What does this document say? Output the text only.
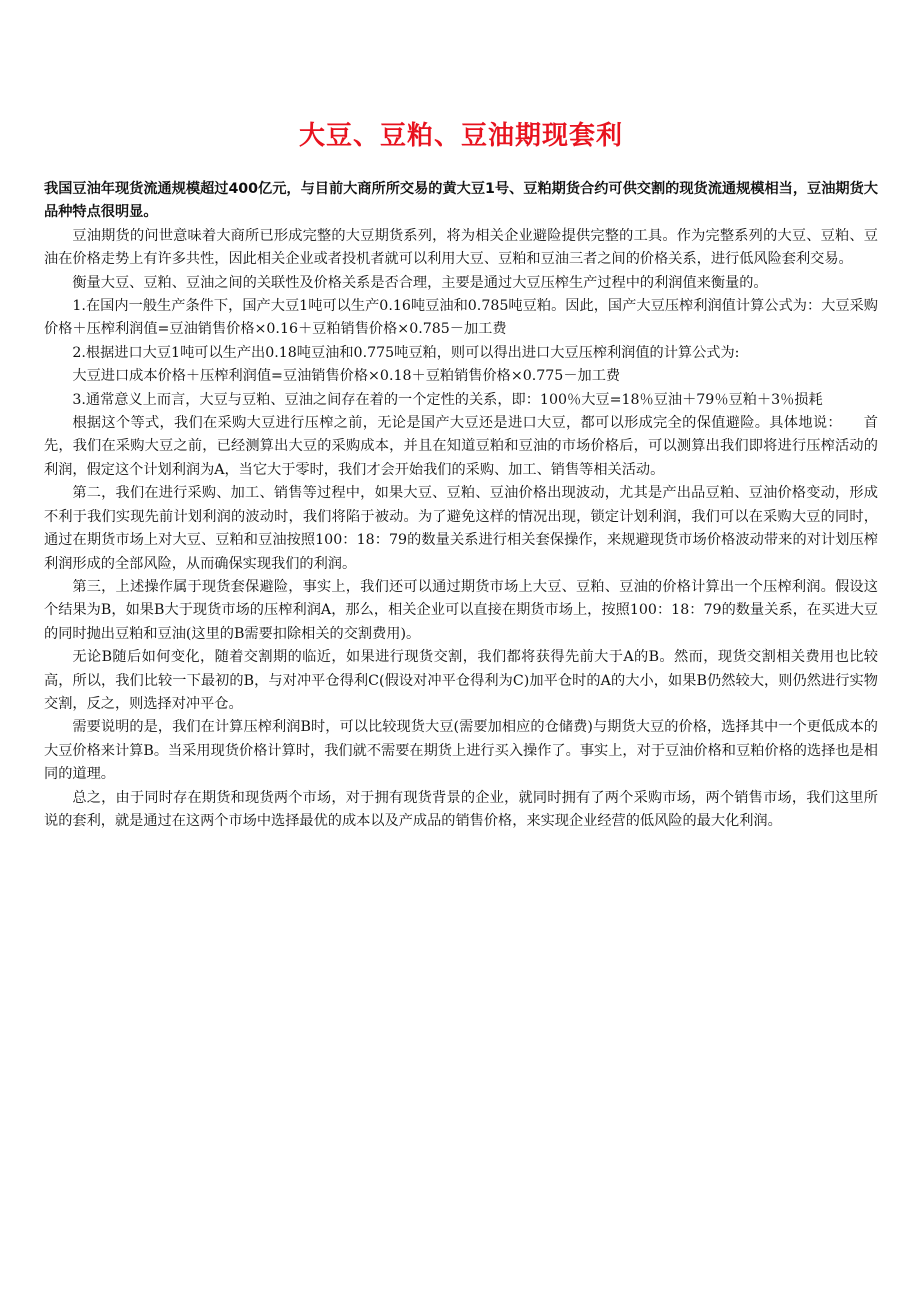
大豆、豆粕、豆油期现套利

我国豆油年现货流通规模超过400亿元，与目前大商所所交易的黄大豆1号、豆粕期货合约可供交割的现货流通规模相当，豆油期货大品种特点很明显。

豆油期货的问世意味着大商所已形成完整的大豆期货系列，将为相关企业避险提供完整的工具。作为完整系列的大豆、豆粕、豆油在价格走势上有许多共性，因此相关企业或者投机者就可以利用大豆、豆粕和豆油三者之间的价格关系，进行低风险套利交易。

衡量大豆、豆粕、豆油之间的关联性及价格关系是否合理，主要是通过大豆压榨生产过程中的利润值来衡量的。

1.在国内一般生产条件下，国产大豆1吨可以生产0.16吨豆油和0.785吨豆粕。因此，国产大豆压榨利润值计算公式为：大豆采购价格＋压榨利润值=豆油销售价格×0.16＋豆粕销售价格×0.785－加工费

2.根据进口大豆1吨可以生产出0.18吨豆油和0.775吨豆粕，则可以得出进口大豆压榨利润值的计算公式为:

大豆进口成本价格＋压榨利润值=豆油销售价格×0.18＋豆粕销售价格×0.775－加工费

3.通常意义上而言，大豆与豆粕、豆油之间存在着的一个定性的关系，即：100％大豆=18％豆油＋79％豆粕＋3％损耗

根据这个等式，我们在采购大豆进行压榨之前，无论是国产大豆还是进口大豆，都可以形成完全的保值避险。具体地说：　　首先，我们在采购大豆之前，已经测算出大豆的采购成本，并且在知道豆粕和豆油的市场价格后，可以测算出我们即将进行压榨活动的利润，假定这个计划利润为A，当它大于零时，我们才会开始我们的采购、加工、销售等相关活动。

第二，我们在进行采购、加工、销售等过程中，如果大豆、豆粕、豆油价格出现波动，尤其是产出品豆粕、豆油价格变动，形成不利于我们实现先前计划利润的波动时，我们将陷于被动。为了避免这样的情况出现，锁定计划利润，我们可以在采购大豆的同时，通过在期货市场上对大豆、豆粕和豆油按照100：18：79的数量关系进行相关套保操作，来规避现货市场价格波动带来的对计划压榨利润形成的全部风险，从而确保实现我们的利润。

第三，上述操作属于现货套保避险，事实上，我们还可以通过期货市场上大豆、豆粕、豆油的价格计算出一个压榨利润。假设这个结果为B，如果B大于现货市场的压榨利润A，那么，相关企业可以直接在期货市场上，按照100：18：79的数量关系，在买进大豆的同时抛出豆粕和豆油(这里的B需要扣除相关的交割费用)。

无论B随后如何变化，随着交割期的临近，如果进行现货交割，我们都将获得先前大于A的B。然而，现货交割相关费用也比较高，所以，我们比较一下最初的B，与对冲平仓得利C(假设对冲平仓得利为C)加平仓时的A的大小，如果B仍然较大，则仍然进行实物交割，反之，则选择对冲平仓。

需要说明的是，我们在计算压榨利润B时，可以比较现货大豆(需要加相应的仓储费)与期货大豆的价格，选择其中一个更低成本的大豆价格来计算B。当采用现货价格计算时，我们就不需要在期货上进行买入操作了。事实上，对于豆油价格和豆粕价格的选择也是相同的道理。

总之，由于同时存在期货和现货两个市场，对于拥有现货背景的企业，就同时拥有了两个采购市场，两个销售市场，我们这里所说的套利，就是通过在这两个市场中选择最优的成本以及产成品的销售价格，来实现企业经营的低风险的最大化利润。
